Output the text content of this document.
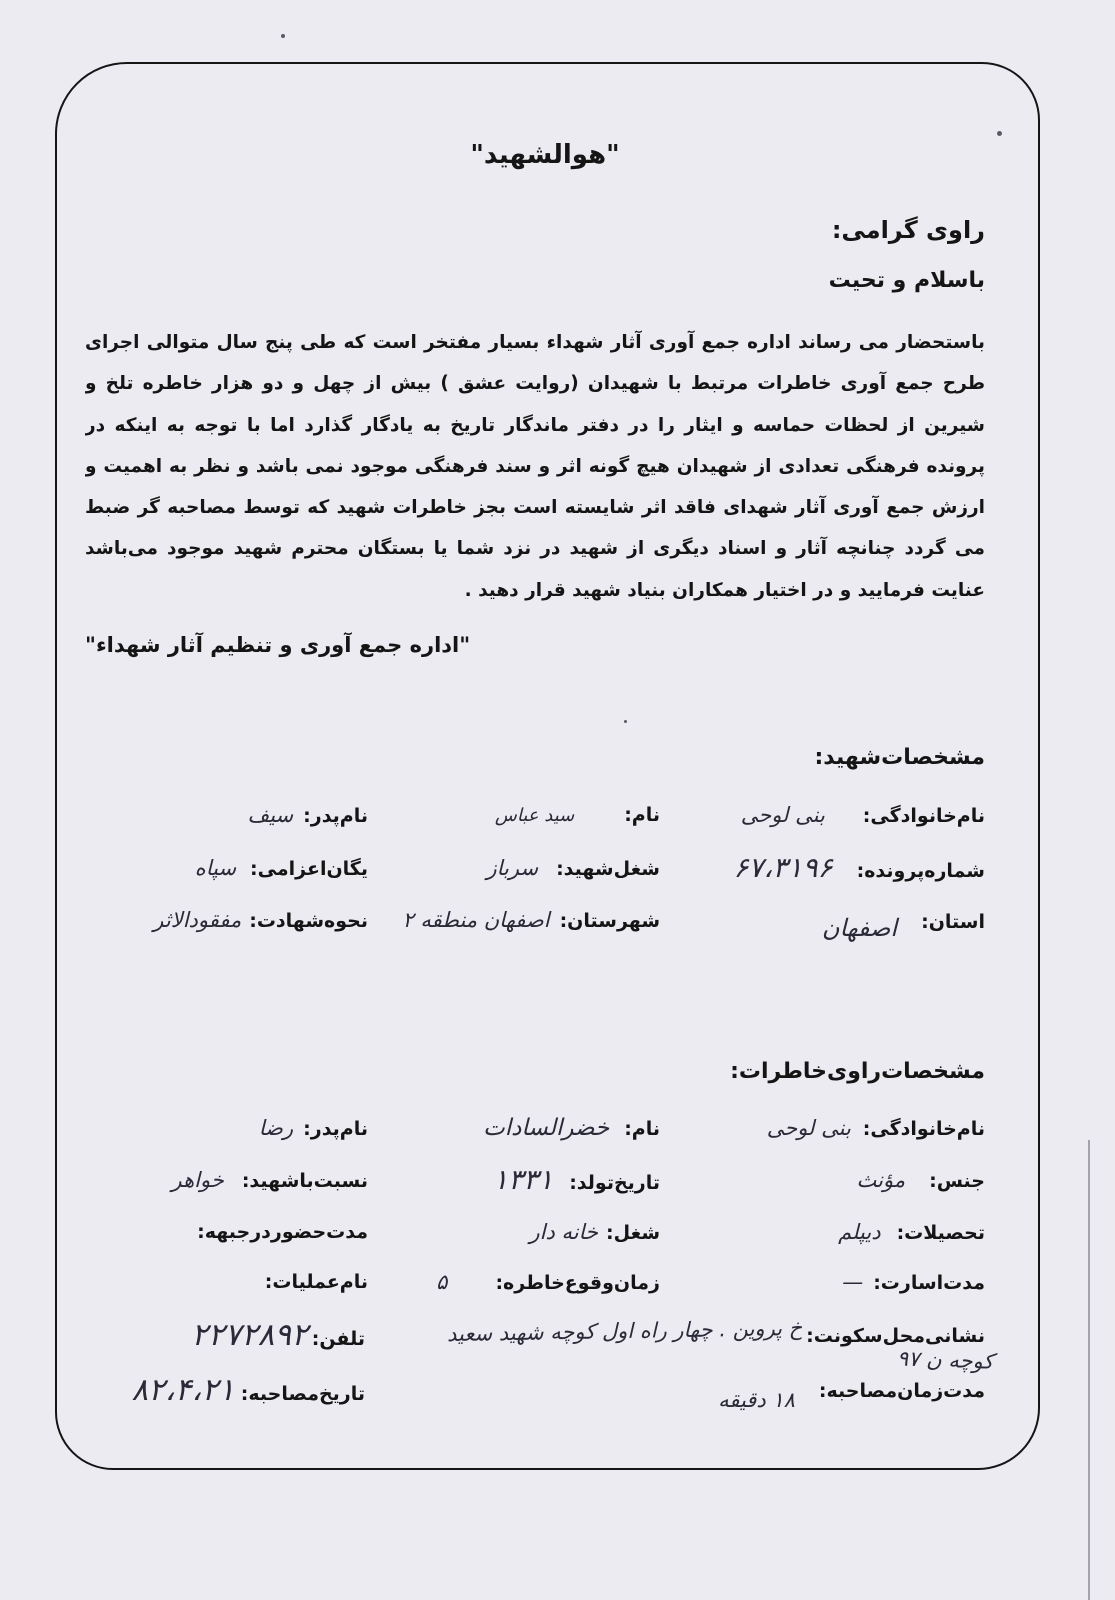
"هوالشهید"
راوی گرامی:
باسلام و تحیت
باستحضار می رساند اداره جمع آوری آثار شهداء بسیار مفتخر است که طی پنج سال متوالی اجرای
طرح جمع آوری خاطرات مرتبط با شهیدان (روایت عشق ) بیش از چهل و دو هزار خاطره تلخ و
شیرین از لحظات حماسه و ایثار را در دفتر ماندگار تاریخ به یادگار گذارد اما با توجه به اینکه در
پرونده فرهنگی تعدادی از شهیدان هیچ گونه اثر و سند فرهنگی موجود نمی باشد و نظر به اهمیت و
ارزش جمع آوری آثار شهدای فاقد اثر شایسته است بجز خاطرات شهید که توسط مصاحبه گر ضبط
می گردد چنانچه آثار و اسناد دیگری از شهید در نزد شما یا بستگان محترم شهید موجود می‌باشد
عنایت فرمایید و در اختیار همکاران بنیاد شهید قرار دهید .
"اداره جمع آوری و تنظیم آثار شهداء"
مشخصات‌شهید:
نام‌خانوادگی:
بنی لوحی
نام:
سید عباس
نام‌پدر:
سیف
شماره‌پرونده:
۶۷،۳۱۹۶
شغل‌شهید:
سرباز
یگان‌اعزامی:
سپاه
استان:
اصفهان
شهرستان:
اصفهان منطقه ۲
نحوه‌شهادت:
مفقودالاثر
مشخصات‌راوی‌خاطرات:
نام‌خانوادگی:
بنی لوحی
نام:
خضرالسادات
نام‌پدر:
رضا
جنس:
مؤنث
تاریخ‌تولد:
۱۳۳۱
نسبت‌باشهید:
خواهر
تحصیلات:
دیپلم
شغل:
خانه دار
مدت‌حضوردرجبهه:
مدت‌اسارت:
—
زمان‌وقوع‌خاطره:
۵
نام‌عملیات:
نشانی‌محل‌سکونت:
خ پروین . چهار راه اول کوچه شهید سعید
کوچه ن ۹۷
تلفن:
۲۲۷۲۸۹۲
مدت‌زمان‌مصاحبه:
۱۸ دقیقه
تاریخ‌مصاحبه:
۸۲،۴،۲۱
